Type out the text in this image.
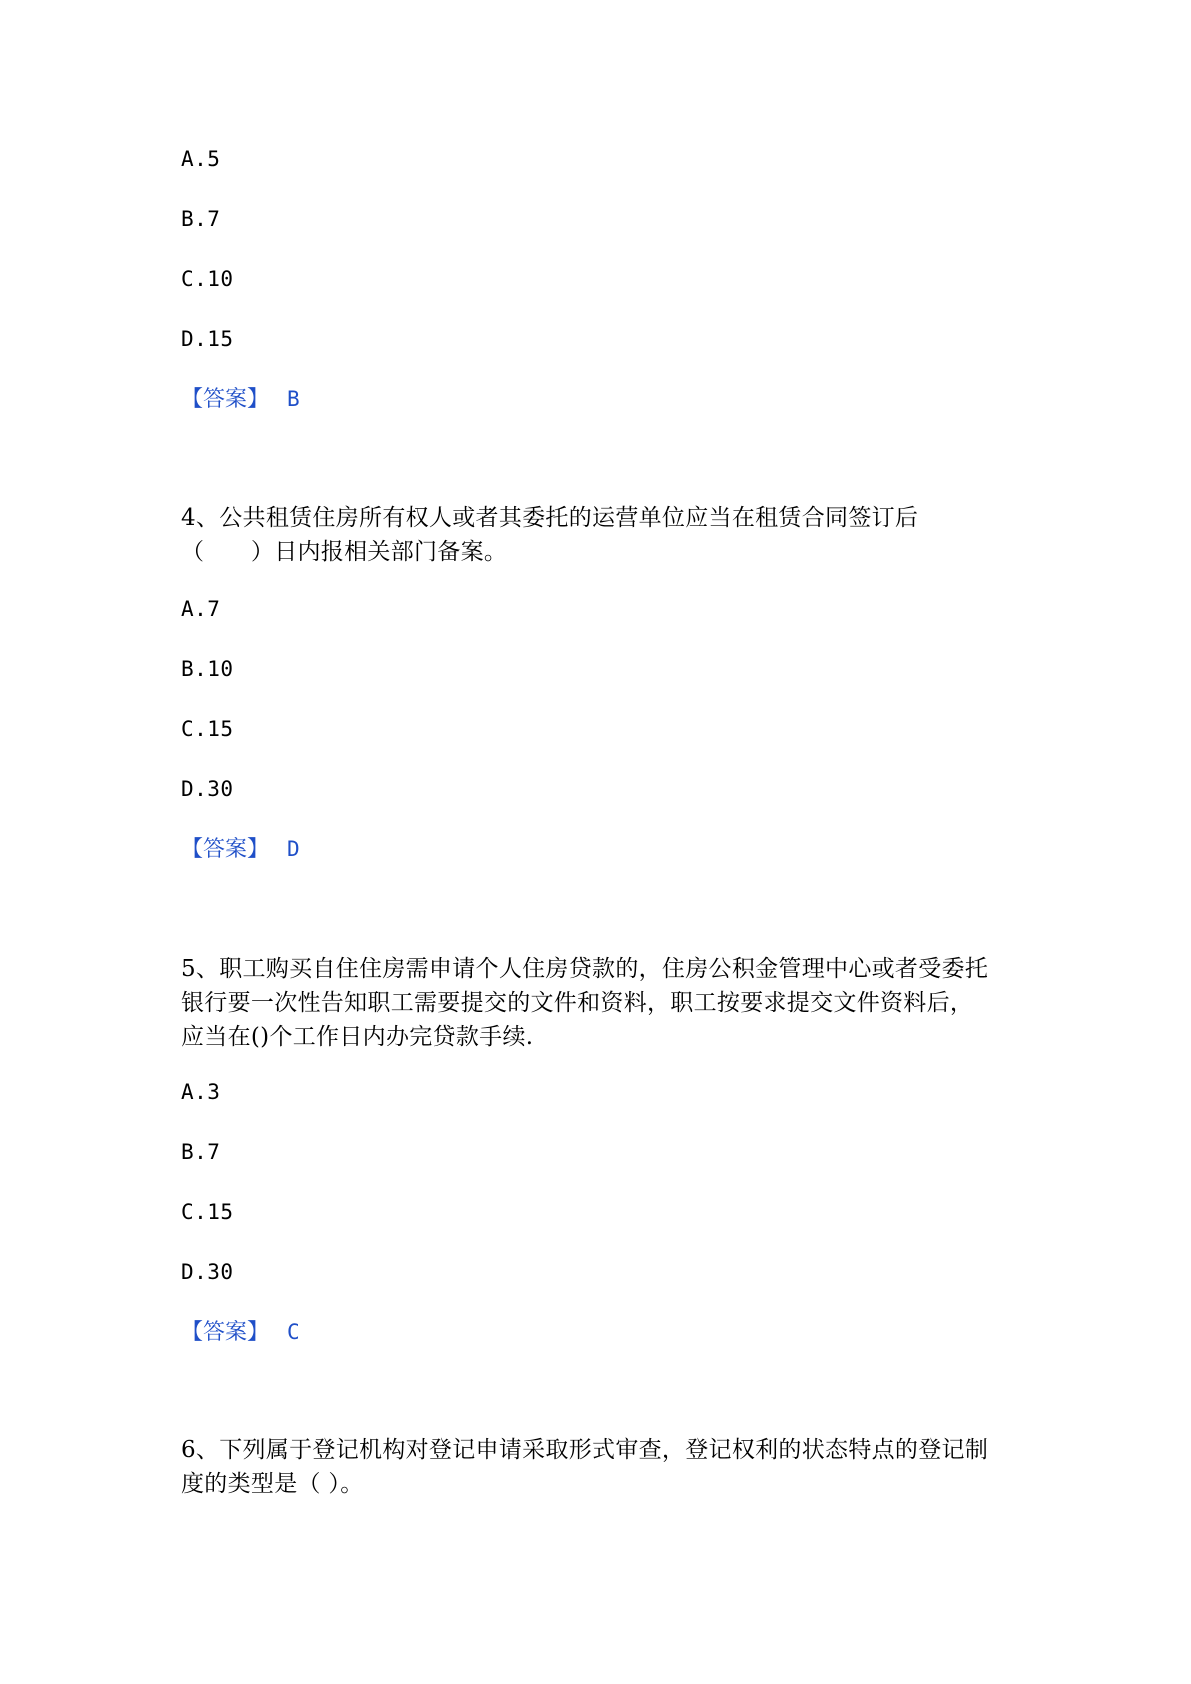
A.5
B.7
C.10
D.15
【答案】 B
4、公共租赁住房所有权人或者其委托的运营单位应当在租赁合同签订后
（　　）日内报相关部门备案。
A.7
B.10
C.15
D.30
【答案】 D
5、职工购买自住住房需申请个人住房贷款的，住房公积金管理中心或者受委托
银行要一次性告知职工需要提交的文件和资料，职工按要求提交文件资料后，
应当在()个工作日内办完贷款手续.
A.3
B.7
C.15
D.30
【答案】 C
6、下列属于登记机构对登记申请采取形式审查，登记权利的状态特点的登记制
度的类型是（ ）。
